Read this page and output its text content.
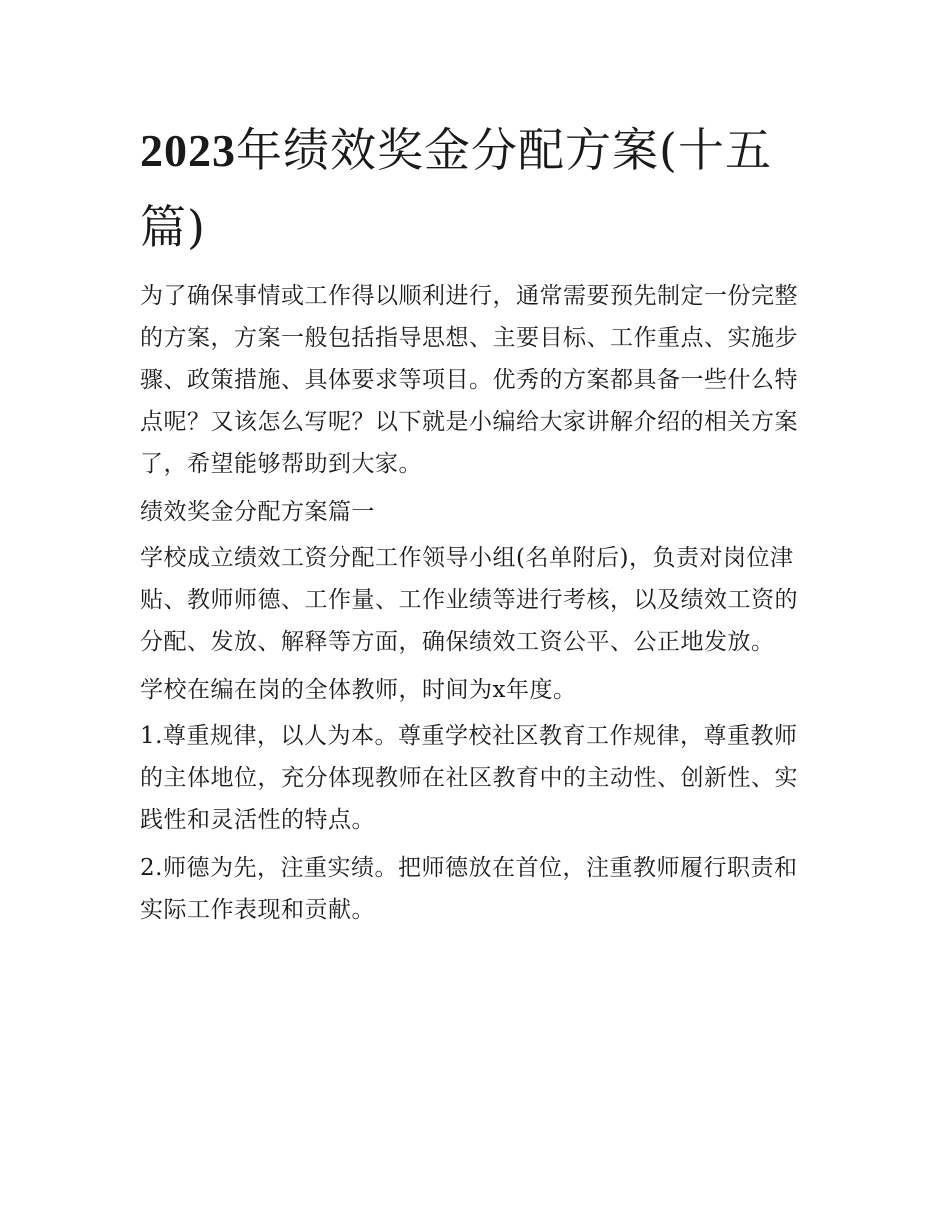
2023年绩效奖金分配方案(十五篇)

为了确保事情或工作得以顺利进行，通常需要预先制定一份完整的方案，方案一般包括指导思想、主要目标、工作重点、实施步骤、政策措施、具体要求等项目。优秀的方案都具备一些什么特点呢？又该怎么写呢？以下就是小编给大家讲解介绍的相关方案了，希望能够帮助到大家。

绩效奖金分配方案篇一

学校成立绩效工资分配工作领导小组(名单附后)，负责对岗位津贴、教师师德、工作量、工作业绩等进行考核，以及绩效工资的分配、发放、解释等方面，确保绩效工资公平、公正地发放。

学校在编在岗的全体教师，时间为x年度。

1.尊重规律，以人为本。尊重学校社区教育工作规律，尊重教师的主体地位，充分体现教师在社区教育中的主动性、创新性、实践性和灵活性的特点。

2.师德为先，注重实绩。把师德放在首位，注重教师履行职责和实际工作表现和贡献。
